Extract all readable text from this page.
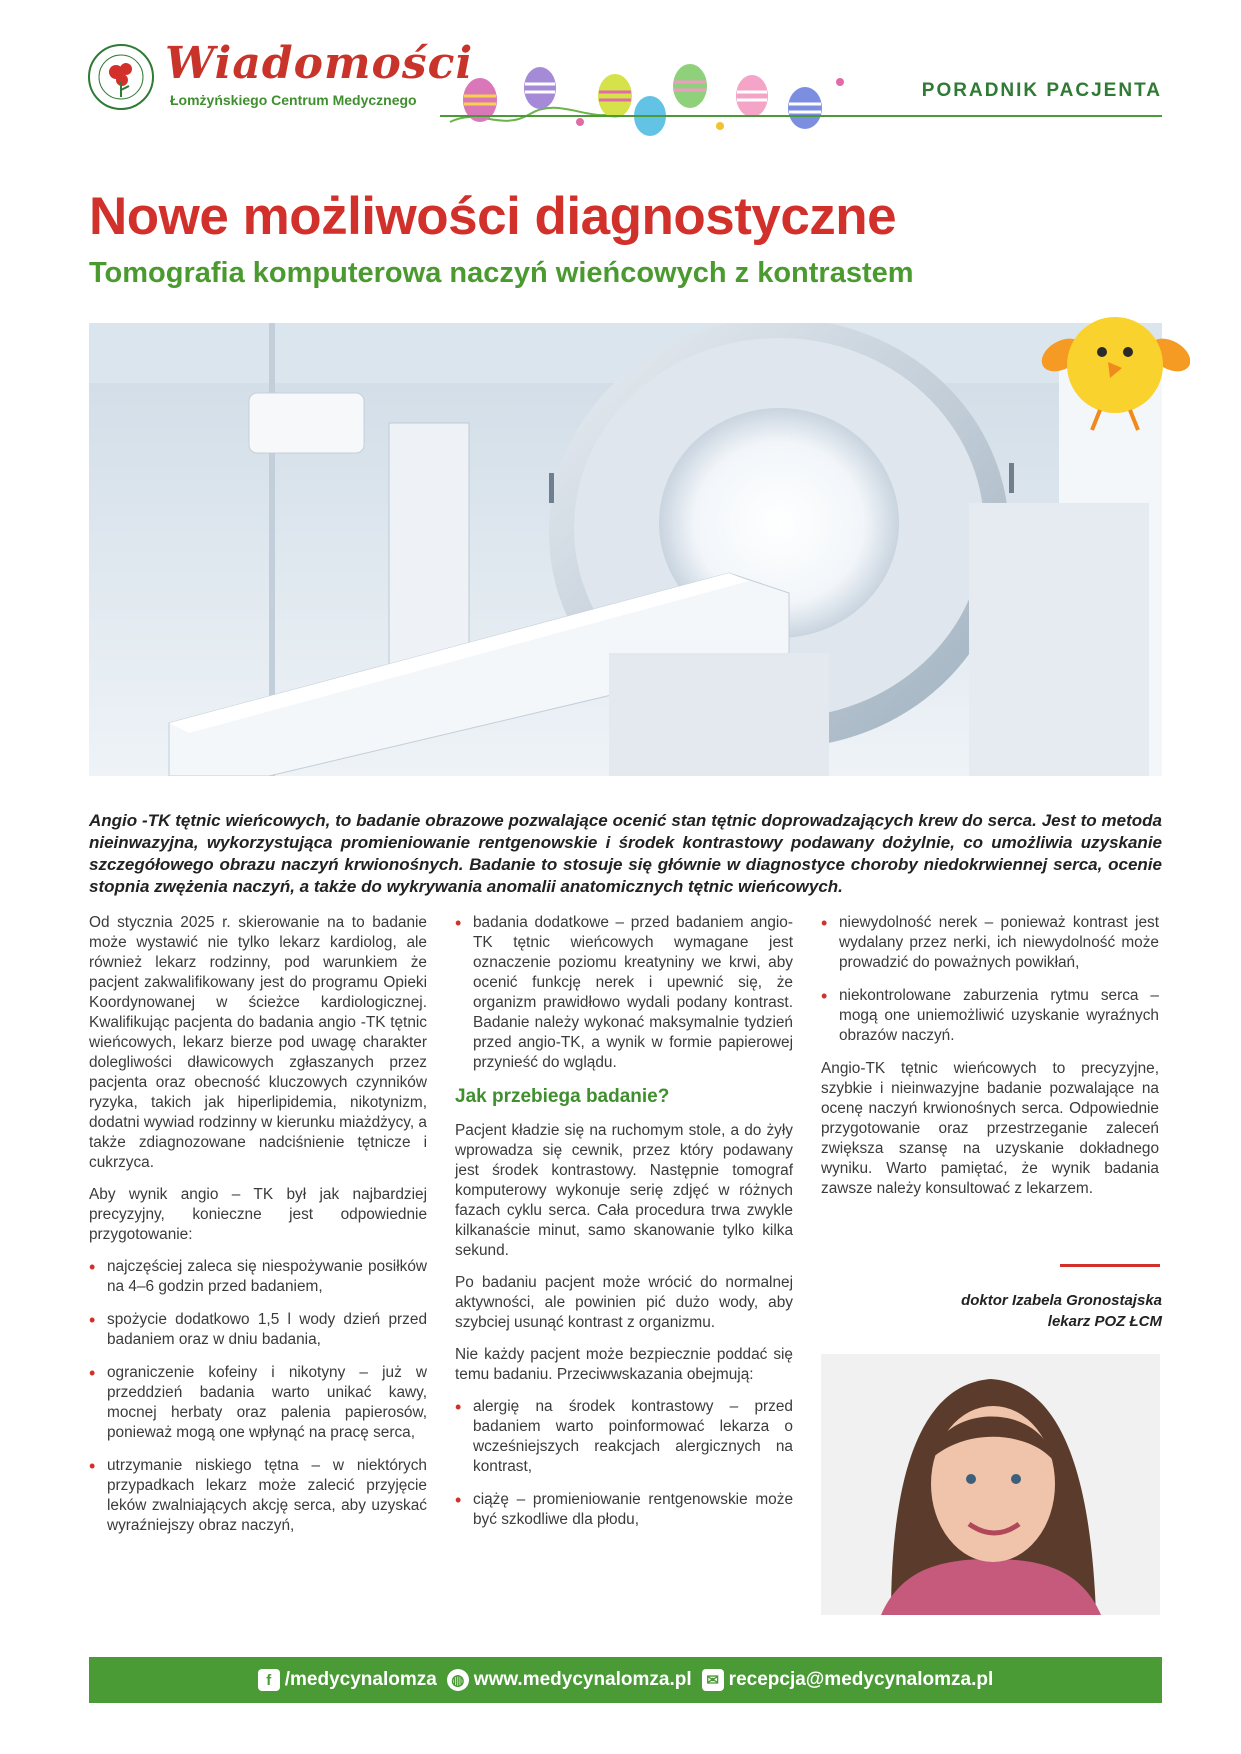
Wiadomości
Łomżyńskiego Centrum Medycznego	PORADNIK PACJENTA
Nowe możliwości diagnostyczne
Tomografia komputerowa naczyń wieńcowych z kontrastem
Angio -TK tętnic wieńcowych, to badanie obrazowe pozwalające ocenić stan tętnic doprowadzających krew do serca. Jest to metoda nieinwazyjna, wykorzystująca promieniowanie rentgenowskie i środek kontrastowy podawany dożylnie, co umożliwia uzyskanie szczegółowego obrazu naczyń krwionośnych. Badanie to stosuje się głównie w diagnostyce choroby niedokrwiennej serca, ocenie stopnia zwężenia naczyń, a także do wykrywania anomalii anatomicznych tętnic wieńcowych.

Od stycznia 2025 r. skierowanie na to badanie może wystawić nie tylko lekarz kardiolog, ale również lekarz rodzinny, pod warunkiem że pacjent zakwalifikowany jest do programu Opieki Koordynowanej w ścieżce kardiologicznej. Kwalifikując pacjenta do badania angio -TK tętnic wieńcowych, lekarz bierze pod uwagę charakter dolegliwości dławicowych zgłaszanych przez pacjenta oraz obecność kluczowych czynników ryzyka, takich jak hiperlipidemia, nikotynizm, dodatni wywiad rodzinny w kierunku miażdżycy, a także zdiagnozowane nadciśnienie tętnicze i cukrzyca.

Aby wynik angio – TK był jak najbardziej precyzyjny, konieczne jest odpowiednie przygotowanie:

• najczęściej zaleca się niespożywanie posiłków na 4–6 godzin przed badaniem,
• spożycie dodatkowo 1,5 l wody dzień przed badaniem oraz w dniu badania,
• ograniczenie kofeiny i nikotyny – już w przeddzień badania warto unikać kawy, mocnej herbaty oraz palenia papierosów, ponieważ mogą one wpłynąć na pracę serca,
• utrzymanie niskiego tętna – w niektórych przypadkach lekarz może zalecić przyjęcie leków zwalniających akcję serca, aby uzyskać wyraźniejszy obraz naczyń,
• badania dodatkowe – przed badaniem angio-TK tętnic wieńcowych wymagane jest oznaczenie poziomu kreatyniny we krwi, aby ocenić funkcję nerek i upewnić się, że organizm prawidłowo wydali podany kontrast. Badanie należy wykonać maksymalnie tydzień przed angio-TK, a wynik w formie papierowej przynieść do wglądu.
Jak przebiega badanie?

Pacjent kładzie się na ruchomym stole, a do żyły wprowadza się cewnik, przez który podawany jest środek kontrastowy. Następnie tomograf komputerowy wykonuje serię zdjęć w różnych fazach cyklu serca. Cała procedura trwa zwykle kilkanaście minut, samo skanowanie tylko kilka sekund.

Po badaniu pacjent może wrócić do normalnej aktywności, ale powinien pić dużo wody, aby szybciej usunąć kontrast z organizmu.

Nie każdy pacjent może bezpiecznie poddać się temu badaniu. Przeciwwskazania obejmują:

• alergię na środek kontrastowy – przed badaniem warto poinformować lekarza o wcześniejszych reakcjach alergicznych na kontrast,
• ciążę – promieniowanie rentgenowskie może być szkodliwe dla płodu,
• niewydolność nerek – ponieważ kontrast jest wydalany przez nerki, ich niewydolność może prowadzić do poważnych powikłań,
• niekontrolowane zaburzenia rytmu serca – mogą one uniemożliwić uzyskanie wyraźnych obrazów naczyń.

Angio-TK tętnic wieńcowych to precyzyjne, szybkie i nieinwazyjne badanie pozwalające na ocenę naczyń krwionośnych serca. Odpowiednie przygotowanie oraz przestrzeganie zaleceń zwiększa szansę na uzyskanie dokładnego wyniku. Warto pamiętać, że wynik badania zawsze należy konsultować z lekarzem.

doktor Izabela Gronostajska
lekarz POZ ŁCM
f /medycynalomza ◍ www.medycynalomza.pl ✉ recepcja@medycynalomza.pl
